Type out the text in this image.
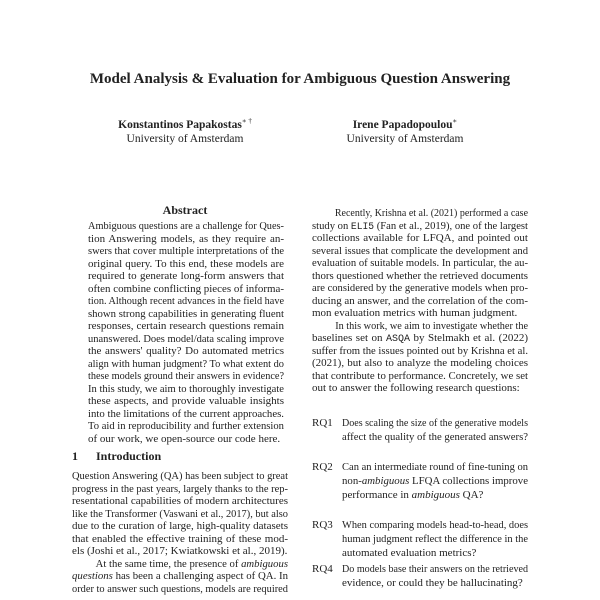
Model Analysis & Evaluation for Ambiguous Question Answering
Konstantinos Papakostas∗ †
University of Amsterdam
Irene Papadopoulou∗
University of Amsterdam
Abstract
Ambiguous questions are a challenge for Ques-
tion Answering models, as they require an-
swers that cover multiple interpretations of the
original query. To this end, these models are
required to generate long-form answers that
often combine conflicting pieces of informa-
tion. Although recent advances in the field have
shown strong capabilities in generating fluent
responses, certain research questions remain
unanswered. Does model/data scaling improve
the answers' quality? Do automated metrics
align with human judgment? To what extent do
these models ground their answers in evidence?
In this study, we aim to thoroughly investigate
these aspects, and provide valuable insights
into the limitations of the current approaches.
To aid in reproducibility and further extension
of our work, we open-source our code here.
1 Introduction
Question Answering (QA) has been subject to great
progress in the past years, largely thanks to the rep-
resentational capabilities of modern architectures
like the Transformer (Vaswani et al., 2017), but also
due to the curation of large, high-quality datasets
that enabled the effective training of these mod-
els (Joshi et al., 2017; Kwiatkowski et al., 2019).
At the same time, the presence of ambiguous
questions has been a challenging aspect of QA. In
order to answer such questions, models are required
Recently, Krishna et al. (2021) performed a case
study on ELI5 (Fan et al., 2019), one of the largest
collections available for LFQA, and pointed out
several issues that complicate the development and
evaluation of suitable models. In particular, the au-
thors questioned whether the retrieved documents
are considered by the generative models when pro-
ducing an answer, and the correlation of the com-
mon evaluation metrics with human judgment.
In this work, we aim to investigate whether the
baselines set on ASQA by Stelmakh et al. (2022)
suffer from the issues pointed out by Krishna et al.
(2021), but also to analyze the modeling choices
that contribute to performance. Concretely, we set
out to answer the following research questions:
RQ1 Does scaling the size of the generative models
affect the quality of the generated answers?
RQ2 Can an intermediate round of fine-tuning on
non-ambiguous LFQA collections improve
performance in ambiguous QA?
RQ3 When comparing models head-to-head, does
human judgment reflect the difference in the
automated evaluation metrics?
RQ4 Do models base their answers on the retrieved
evidence, or could they be hallucinating?
